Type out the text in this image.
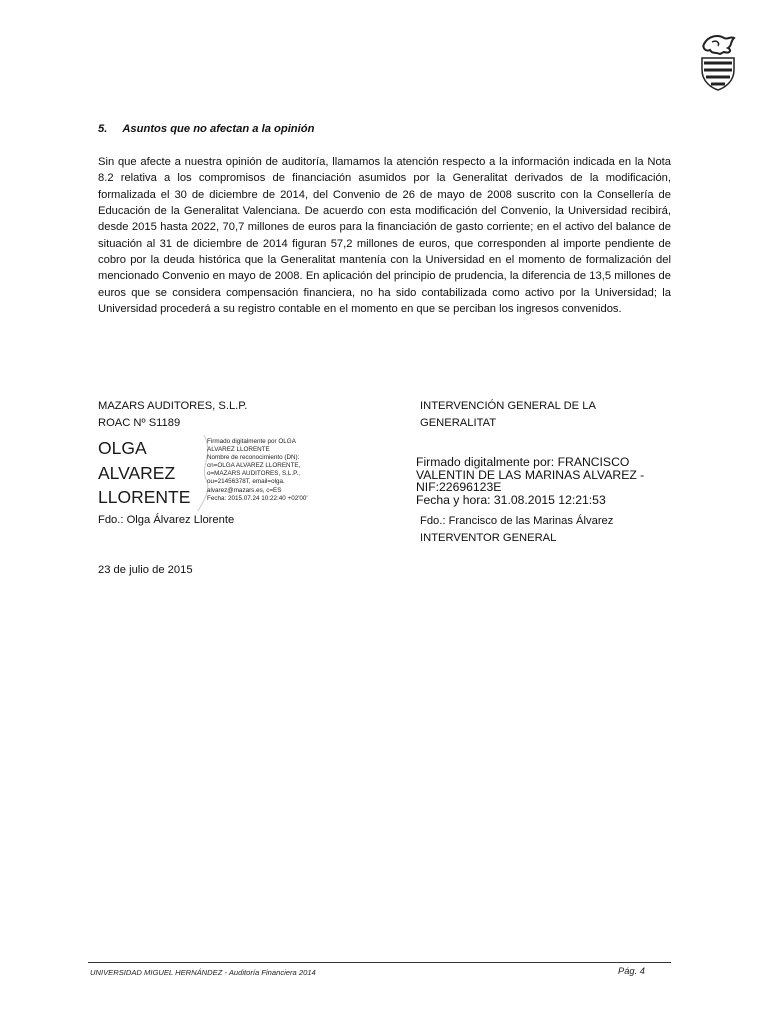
5. Asuntos que no afectan a la opinión

Sin que afecte a nuestra opinión de auditoría, llamamos la atención respecto a la información indicada en la Nota 8.2 relativa a los compromisos de financiación asumidos por la Generalitat derivados de la modificación, formalizada el 30 de diciembre de 2014, del Convenio de 26 de mayo de 2008 suscrito con la Consellería de Educación de la Generalitat Valenciana. De acuerdo con esta modificación del Convenio, la Universidad recibirá, desde 2015 hasta 2022, 70,7 millones de euros para la financiación de gasto corriente; en el activo del balance de situación al 31 de diciembre de 2014 figuran 57,2 millones de euros, que corresponden al importe pendiente de cobro por la deuda histórica que la Generalitat mantenía con la Universidad en el momento de formalización del mencionado Convenio en mayo de 2008. En aplicación del principio de prudencia, la diferencia de 13,5 millones de euros que se considera compensación financiera, no ha sido contabilizada como activo por la Universidad; la Universidad procederá a su registro contable en el momento en que se perciban los ingresos convenidos.

MAZARS AUDITORES, S.L.P.
ROAC Nº S1189
OLGA
ALVAREZ
LLORENTE
Firmado digitalmente por OLGA
ALVAREZ LLORENTE
Nombre de reconocimiento (DN):
cn=OLGA ALVAREZ LLORENTE,
o=MAZARS AUDITORES, S.L.P.,
ou=21456378T, email=olga.
alvarez@mazars.es, c=ES
Fecha: 2015.07.24 10:22:40 +02'00'
Fdo.: Olga Álvarez Llorente
INTERVENCIÓN GENERAL DE LA
GENERALITAT
Firmado digitalmente por: FRANCISCO
VALENTIN DE LAS MARINAS ALVAREZ -
NIF:22696123E
Fecha y hora: 31.08.2015 12:21:53
Fdo.: Francisco de las Marinas Álvarez
INTERVENTOR GENERAL
23 de julio de 2015
UNIVERSIDAD MIGUEL HERNÁNDEZ - Auditoría Financiera 2014	Pág. 4
